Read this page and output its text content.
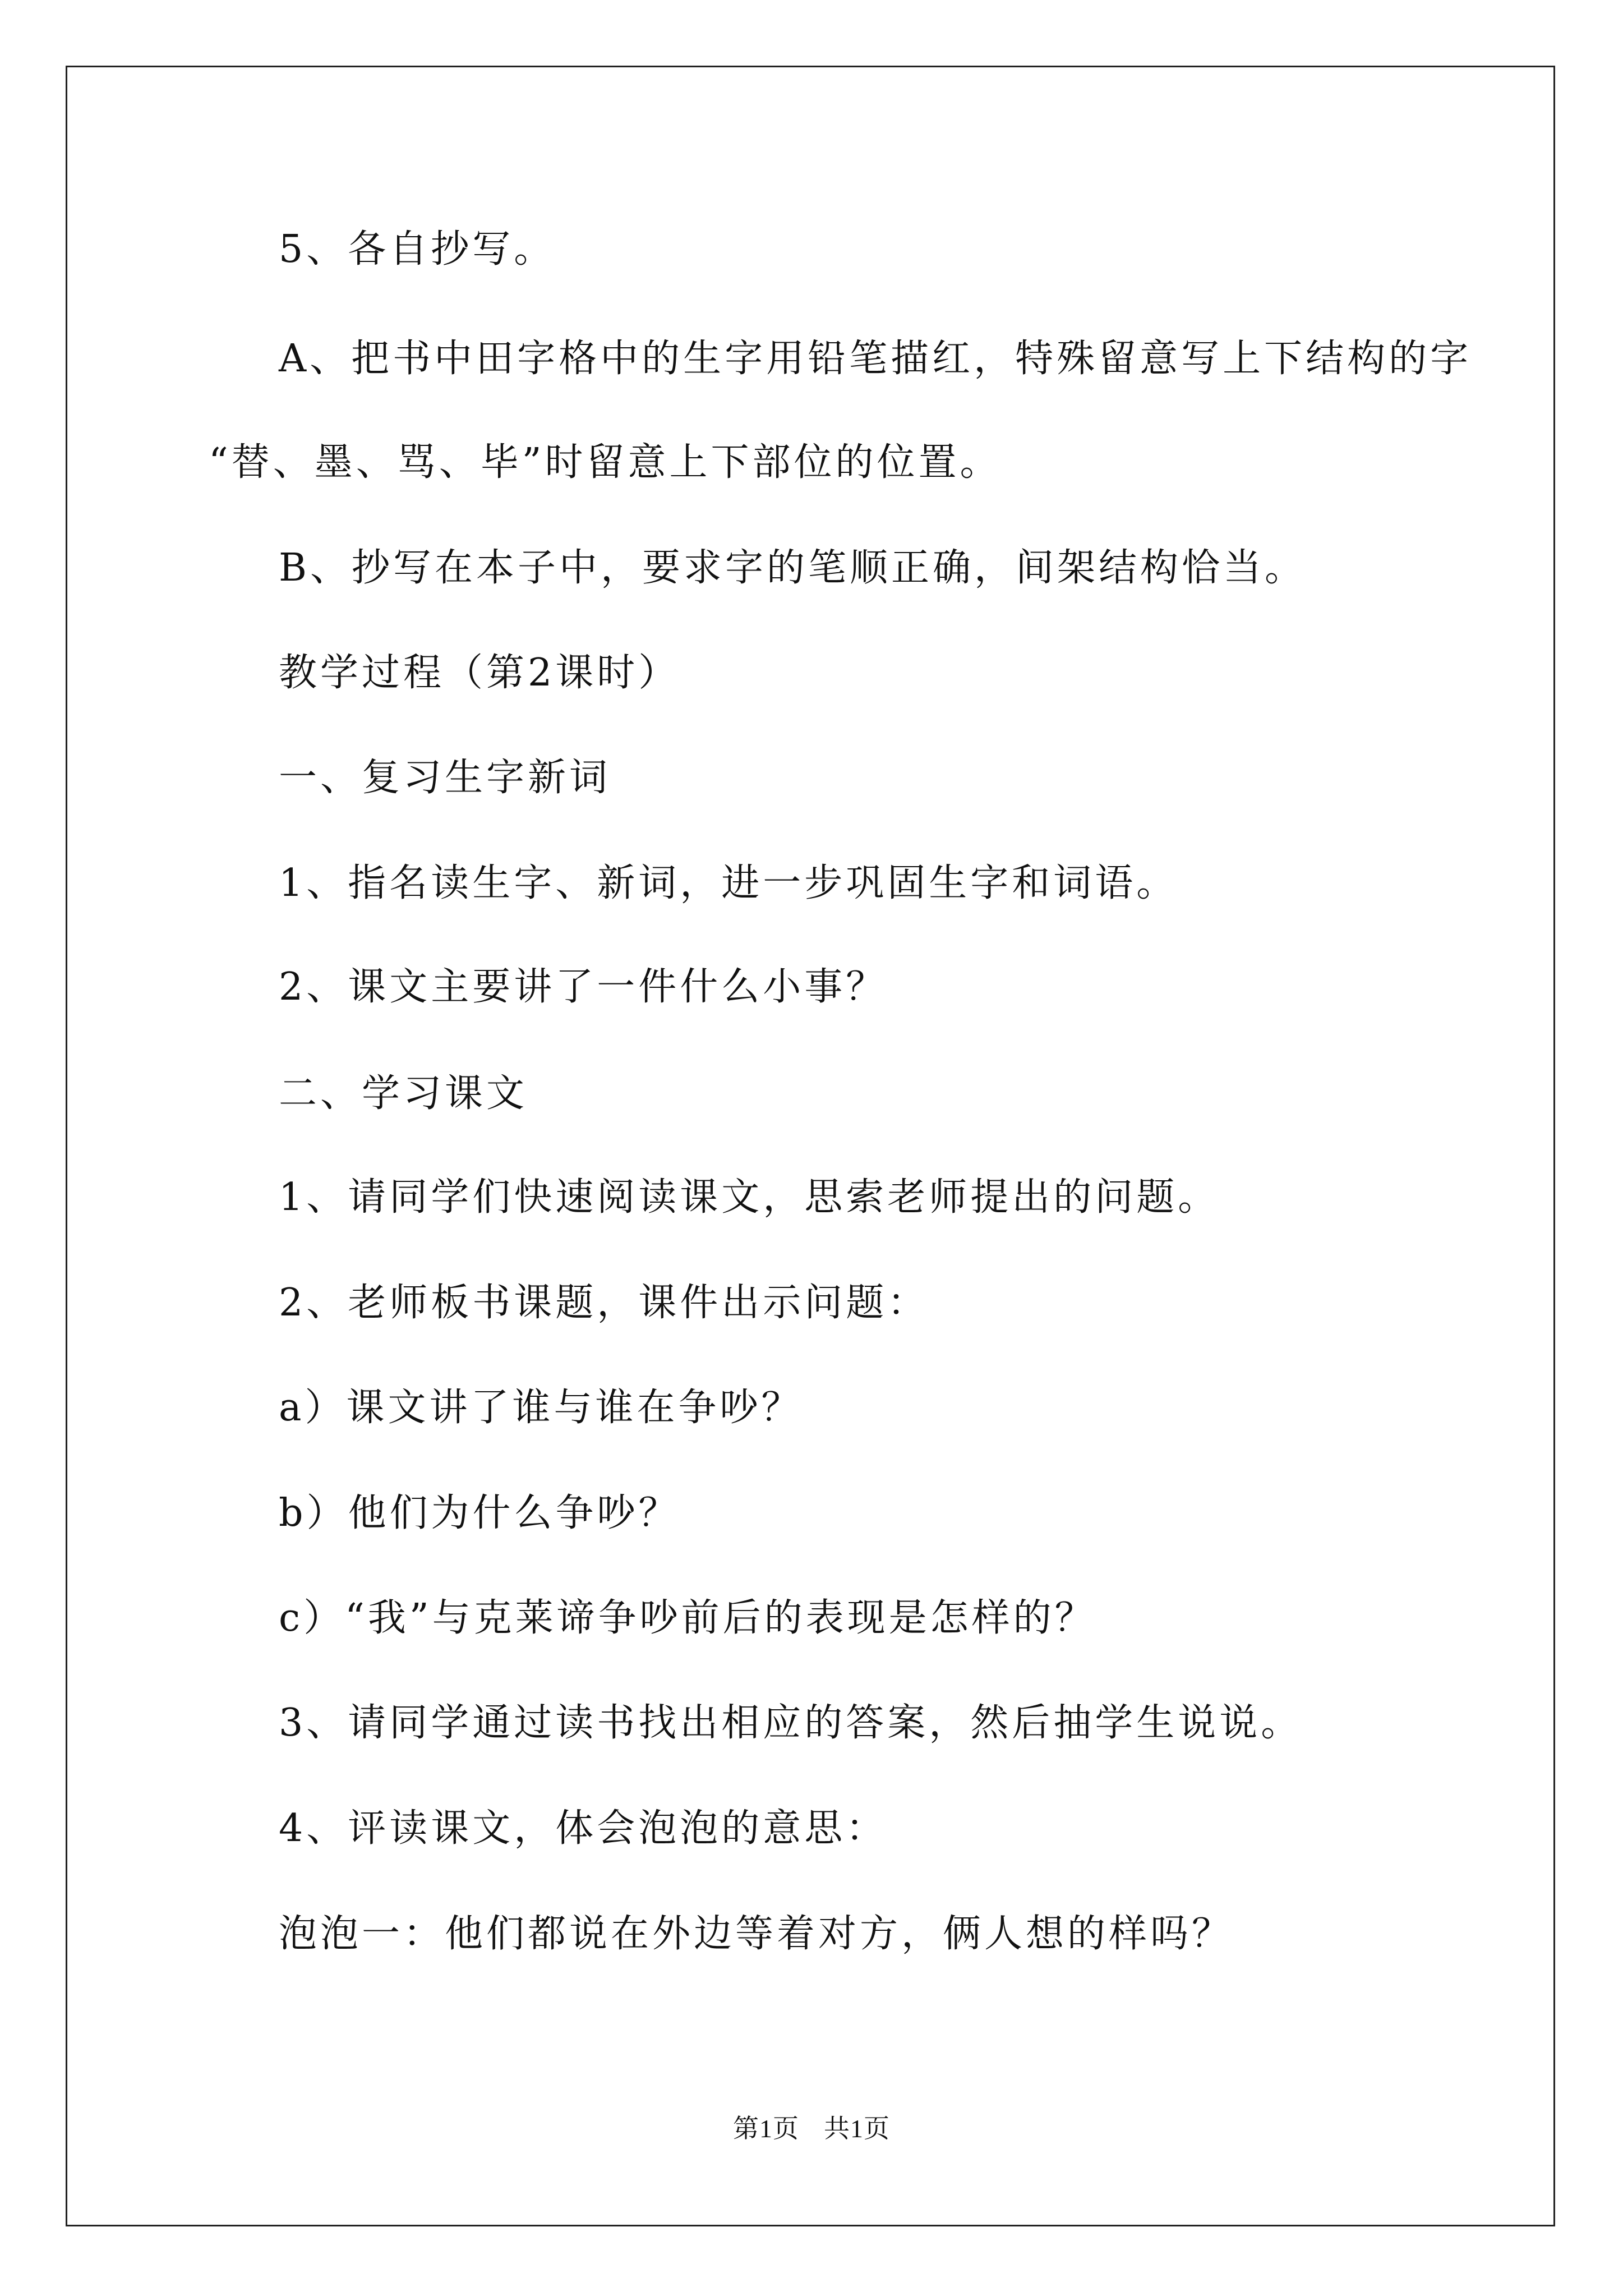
5、各自抄写。

A、把书中田字格中的生字用铅笔描红，特殊留意写上下结构的字

“替、墨、骂、毕”时留意上下部位的位置。

B、抄写在本子中，要求字的笔顺正确，间架结构恰当。

教学过程（第2课时）

一、复习生字新词

1、指名读生字、新词，进一步巩固生字和词语。

2、课文主要讲了一件什么小事？

二、学习课文

1、请同学们快速阅读课文，思索老师提出的问题。

2、老师板书课题，课件出示问题：

a）课文讲了谁与谁在争吵？

b）他们为什么争吵？

c）“我”与克莱谛争吵前后的表现是怎样的？

3、请同学通过读书找出相应的答案，然后抽学生说说。

4、评读课文，体会泡泡的意思：

泡泡一：他们都说在外边等着对方，俩人想的样吗？

第1页 共1页
